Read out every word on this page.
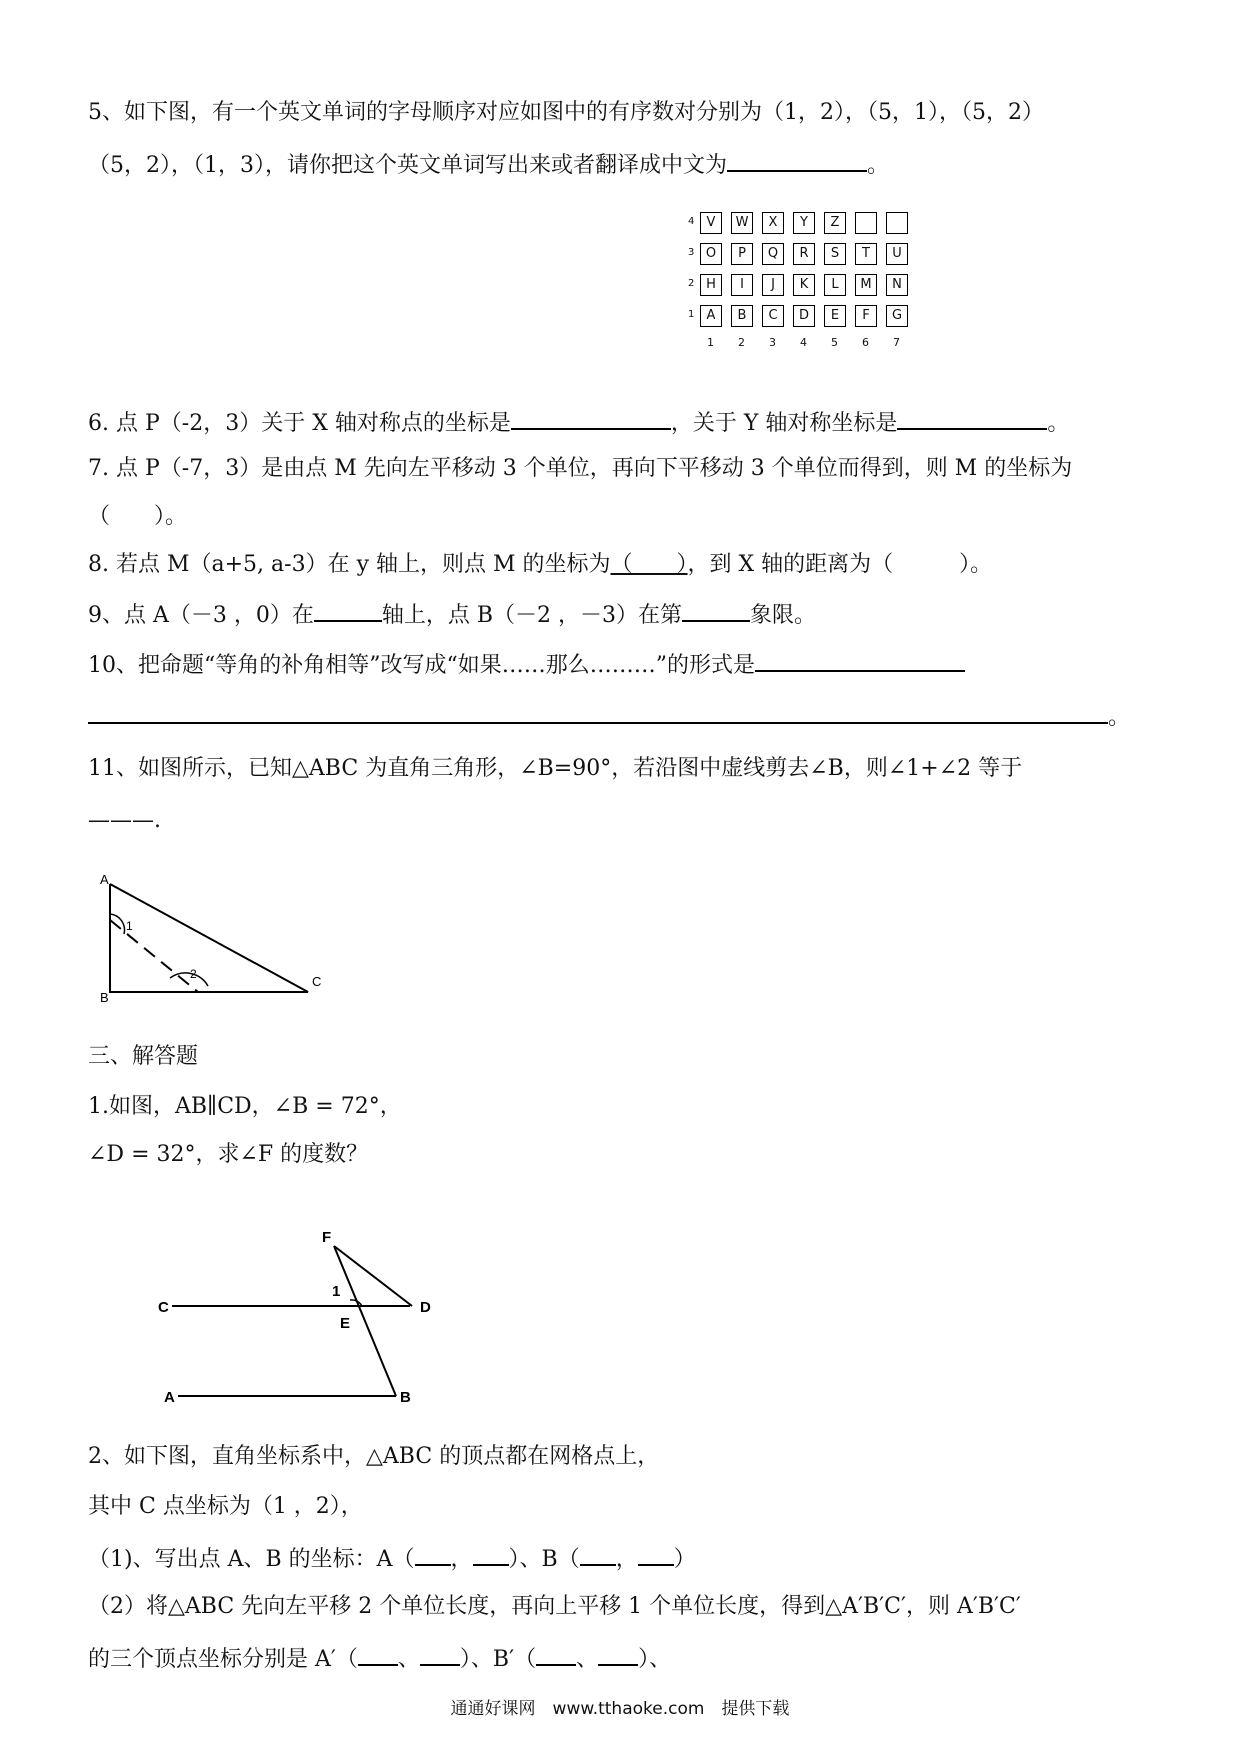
5、如下图，有一个英文单词的字母顺序对应如图中的有序数对分别为（1，2），（5，1），（5，2）
（5，2），（1，3），请你把这个英文单词写出来或者翻译成中文为	。
4 V	W	X	Y	Z
3 O	P	Q	R	S	T	U
2 H	I	J	K	L	M	N
1 A	B	C	D	E	F	G
1 2 3 4 5 6 7
6. 点 P（-2，3）关于 X 轴对称点的坐标是	，关于 Y 轴对称坐标是	。
7. 点 P（-7，3）是由点 M 先向左平移动 3 个单位，再向下平移动 3 个单位而得到，则 M 的坐标为
（　　）。
8. 若点 M（a+5, a-3）在 y 轴上，则点 M 的坐标为（　　），到 X 轴的距离为（　　　）。
9、点 A（－3 ，0）在	轴上，点 B（－2 ，－3）在第	象限。
10、把命题“等角的补角相等”改写成“如果……那么………”的形式是
。
11、如图所示，已知△ABC 为直角三角形，∠B=90°，若沿图中虚线剪去∠B，则∠1+∠2 等于
———.
A
B
C
1
2
三、解答题
1.如图，AB∥CD，∠B = 72°，
∠D = 32°，求∠F 的度数？
F
C	D
E
A	B
1
2、如下图，直角坐标系中，△ABC 的顶点都在网格点上，
其中 C 点坐标为（1 ，2），
（1)、写出点 A、B 的坐标：A（ ， ）、B（ ， ）
（2）将△ABC 先向左平移 2 个单位长度，再向上平移 1 个单位长度，得到△A′B′C′，则 A′B′C′
的三个顶点坐标分别是 A′（ 、 ）、B′（ 、 ）、
通通好课网　www.tthaoke.com　提供下载
